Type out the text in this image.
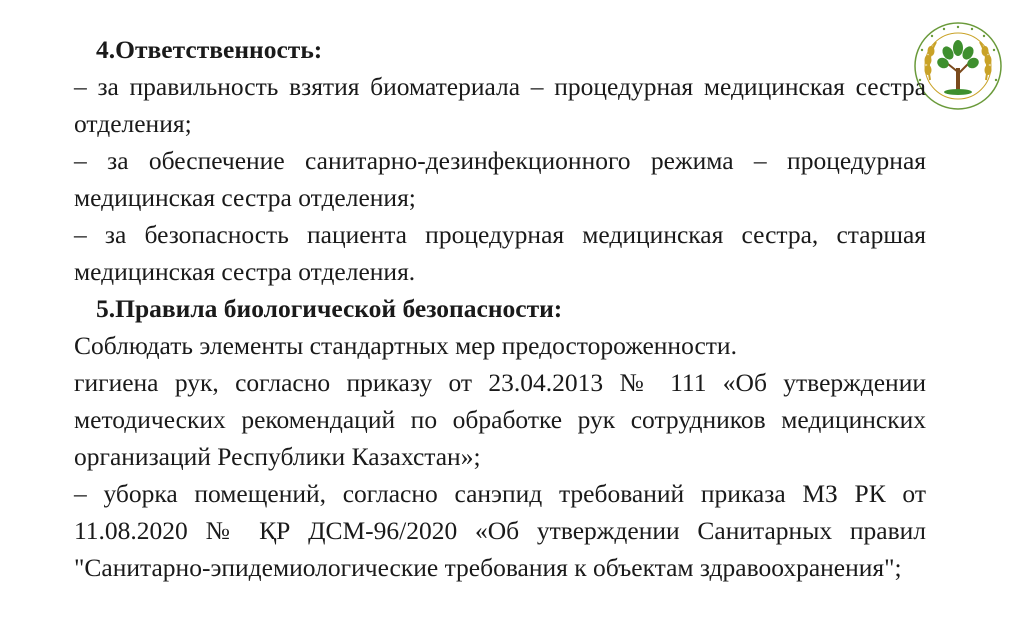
4.Ответственность:
– за правильность взятия биоматериала – процедурная медицинская сестра
отделения;
– за обеспечение санитарно-дезинфекционного режима – процедурная
медицинская сестра отделения;
– за безопасность пациента процедурная медицинская сестра, старшая
медицинская сестра отделения.
5.Правила биологической безопасности:
Соблюдать элементы стандартных мер предостороженности.
гигиена рук, согласно приказу от 23.04.2013 № 111 «Об утверждении
методических рекомендаций по обработке рук сотрудников медицинских
организаций Республики Казахстан»;
– уборка помещений, согласно санэпид требований приказа МЗ РК от
11.08.2020 № ҚР ДСМ-96/2020 «Об утверждении Санитарных правил
"Санитарно-эпидемиологические требования к объектам здравоохранения";
